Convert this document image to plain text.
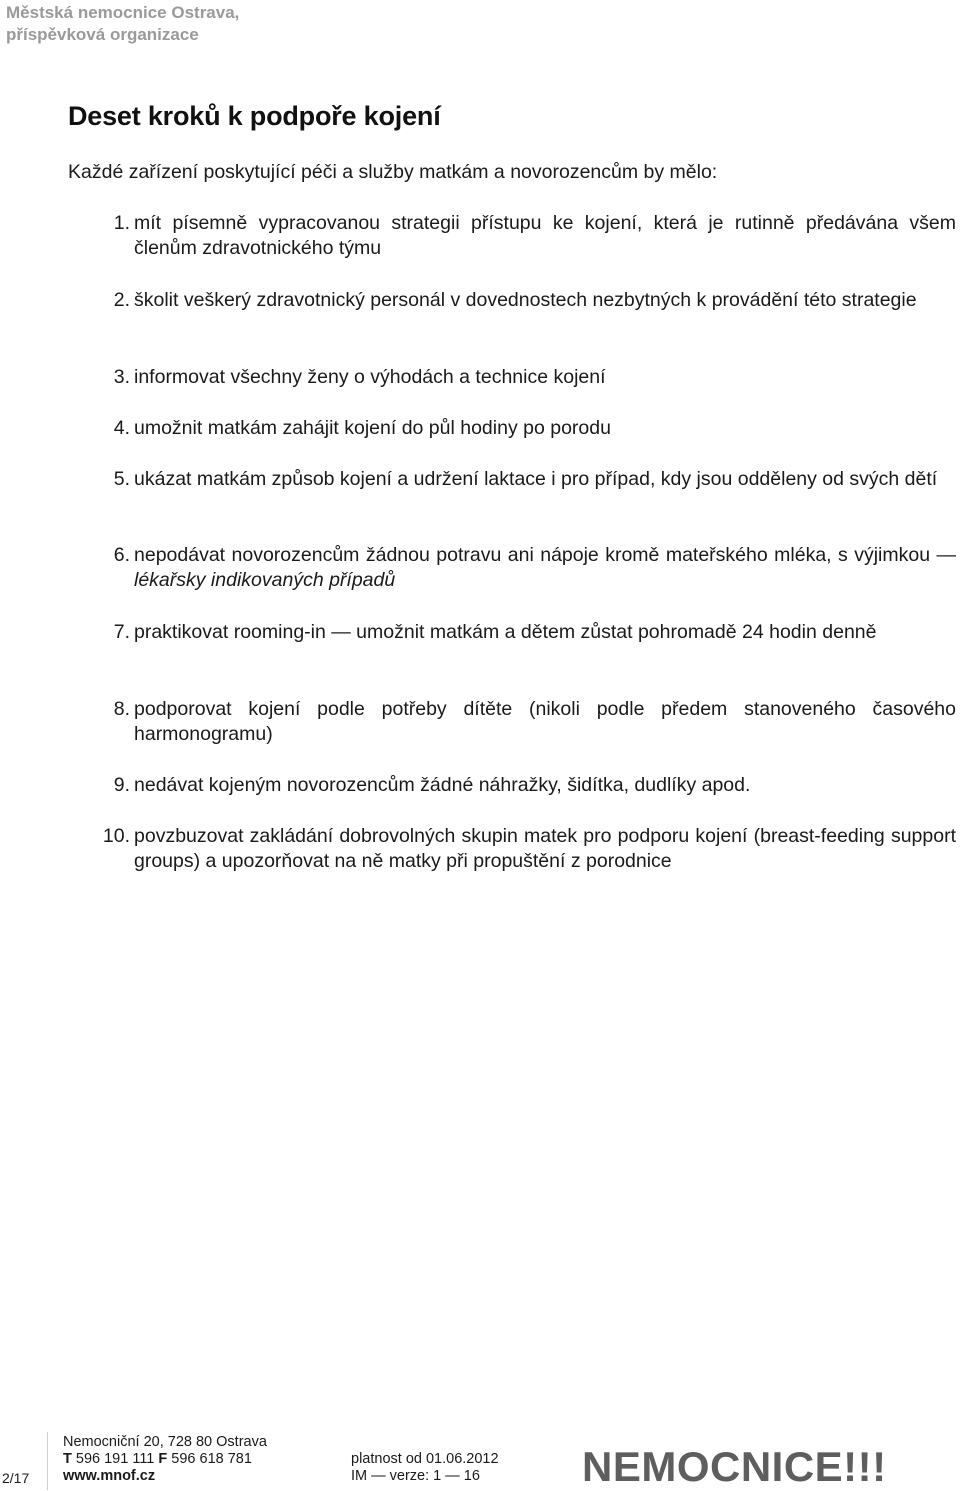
Městská nemocnice Ostrava,
příspěvková organizace
Deset kroků k podpoře kojení
Každé zařízení poskytující péči a služby matkám a novorozencům by mělo:
1. mít písemně vypracovanou strategii přístupu ke kojení, která je rutinně předávána všem členům zdravotnického týmu
2. školit veškerý zdravotnický personál v dovednostech nezbytných k provádění této strategie
3. informovat všechny ženy o výhodách a technice kojení
4. umožnit matkám zahájit kojení do půl hodiny po porodu
5. ukázat matkám způsob kojení a udržení laktace i pro případ, kdy jsou odděleny od svých dětí
6. nepodávat novorozencům žádnou potravu ani nápoje kromě mateřského mléka, s výjimkou — lékařsky indikovaných případů
7. praktikovat rooming-in — umožnit matkám a dětem zůstat pohromadě 24 hodin denně
8. podporovat kojení podle potřeby dítěte (nikoli podle předem stanoveného časového harmonogramu)
9. nedávat kojeným novorozencům žádné náhražky, šidítka, dudlíky apod.
10. povzbuzovat zakládání dobrovolných skupin matek pro podporu kojení (breast-feeding support groups) a upozorňovat na ně matky při propuštění z porodnice
2/17
Nemocniční 20, 728 80 Ostrava
T 596 191 111 F 596 618 781
www.mnof.cz
platnost od 01.06.2012
IM — verze: 1 — 16	NEMOCNICE!!!
